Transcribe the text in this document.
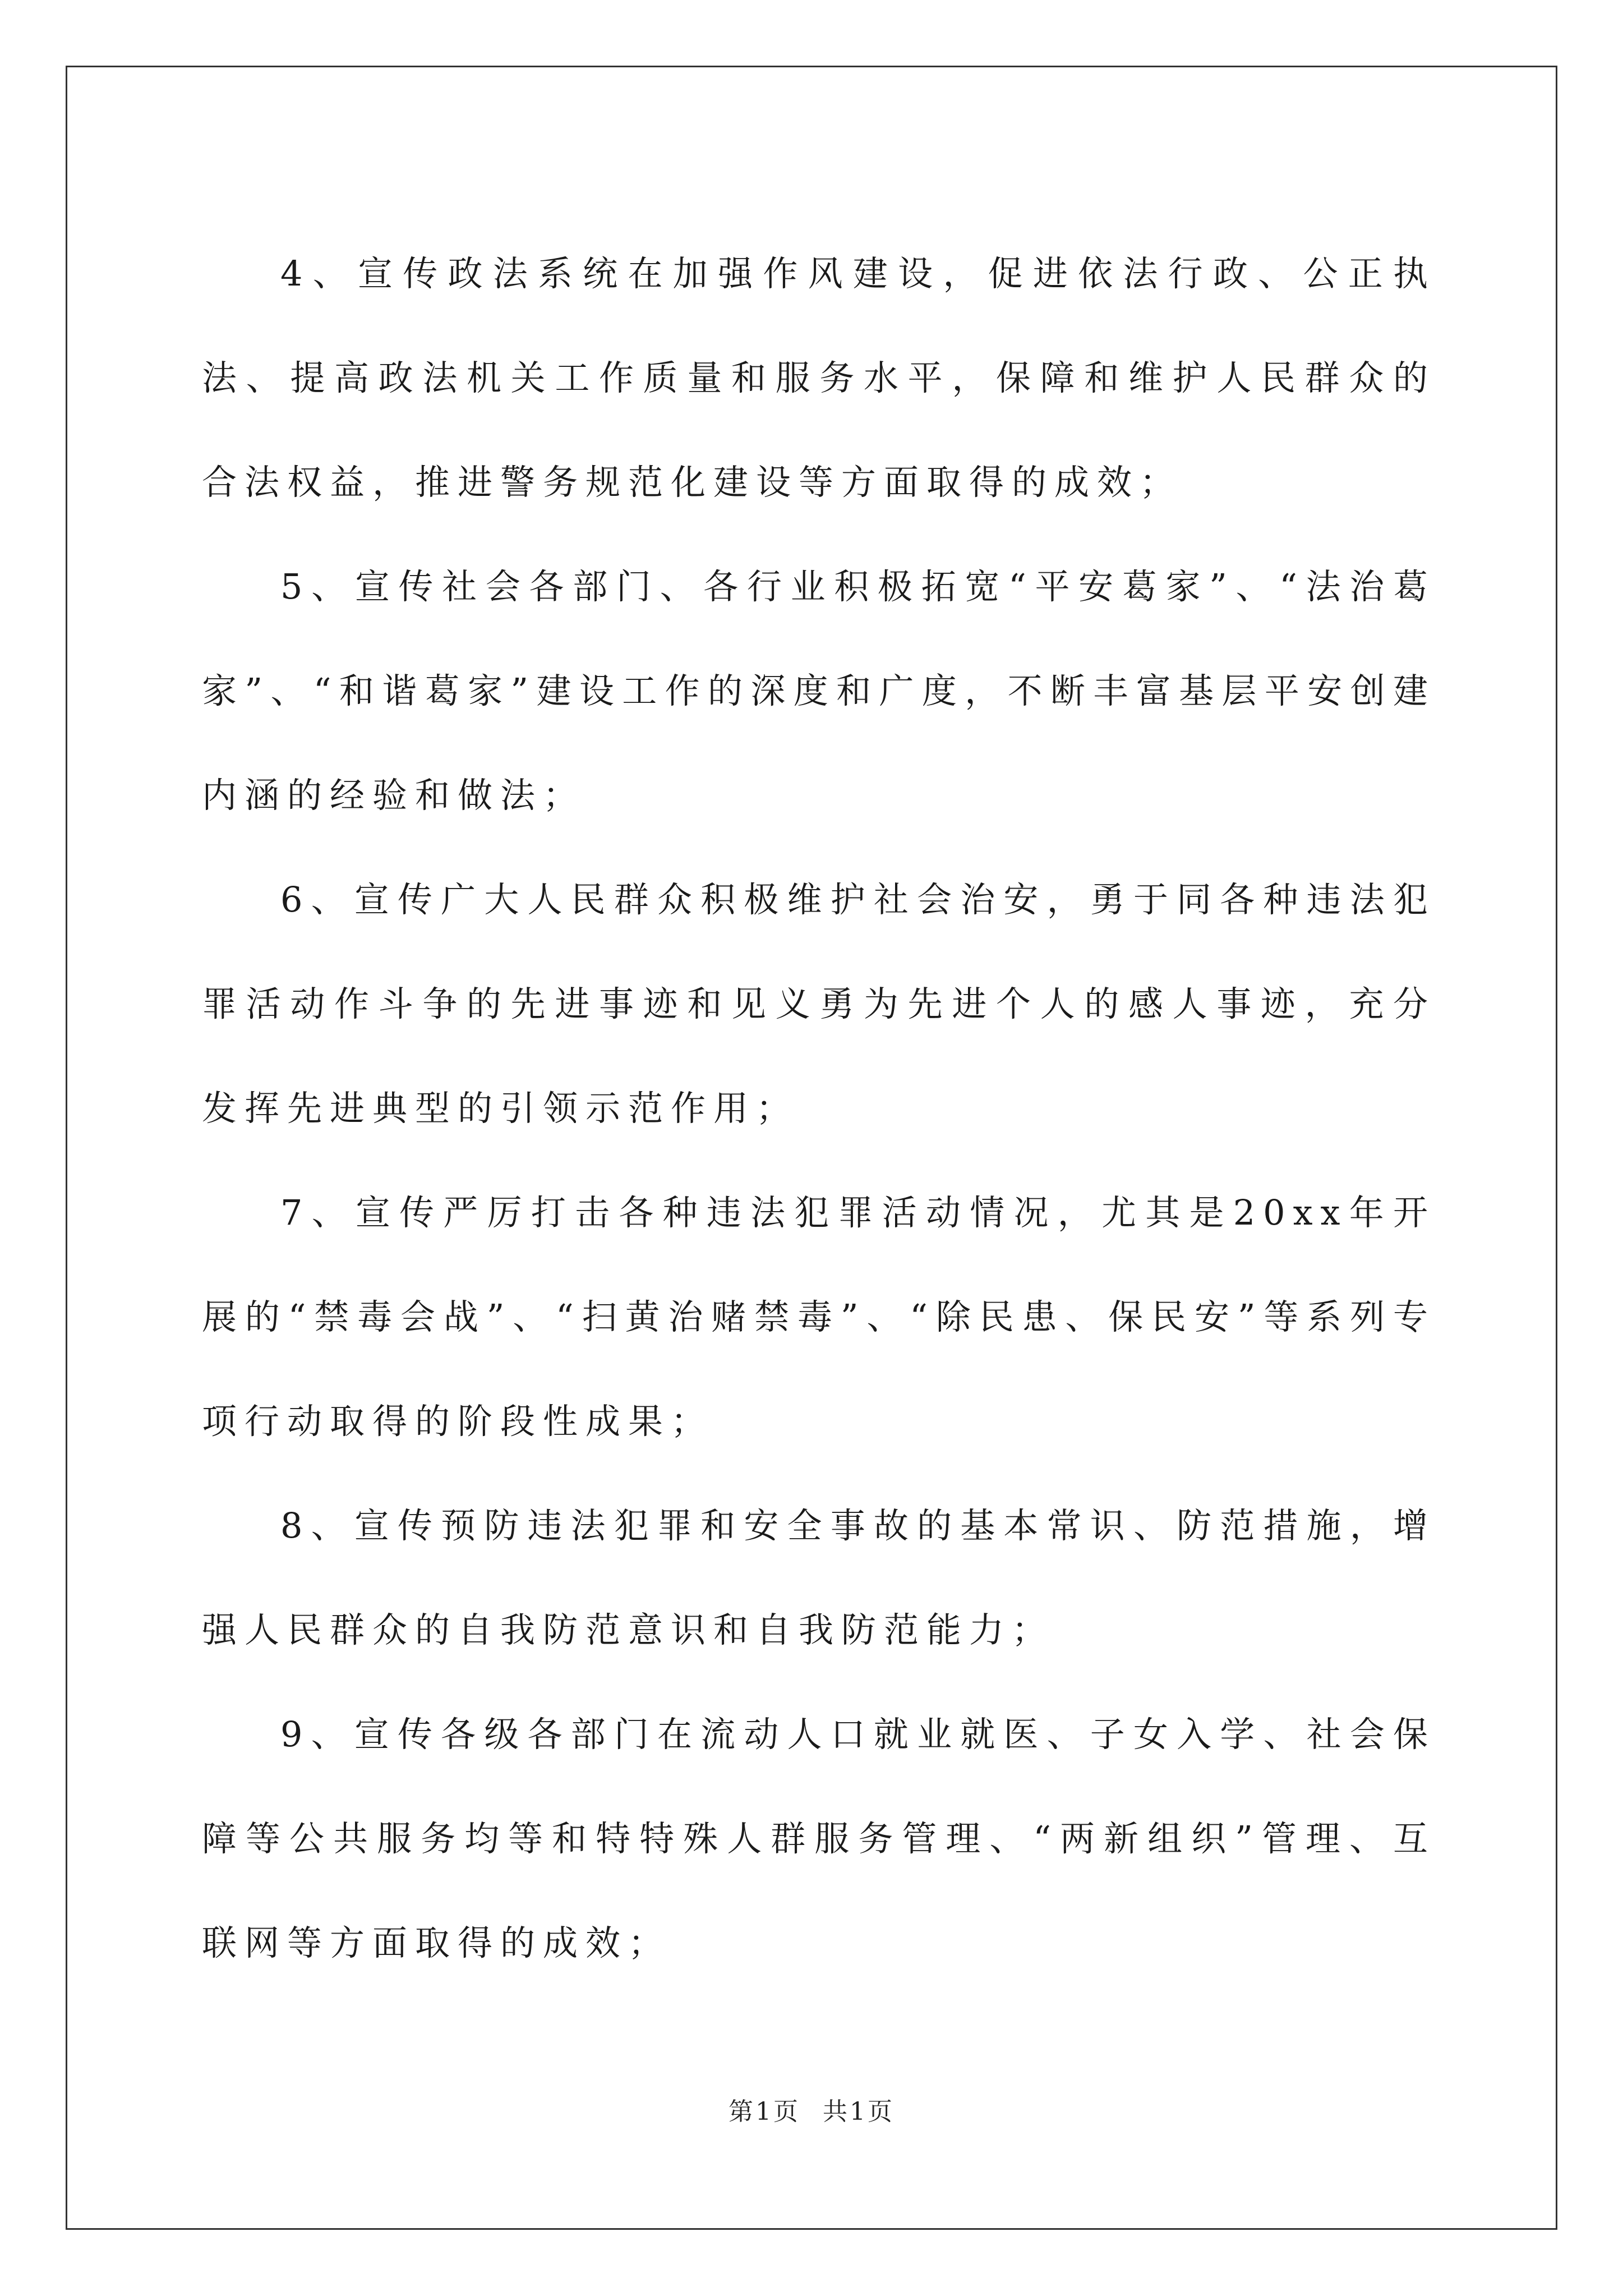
4、宣传政法系统在加强作风建设，促进依法行政、公正执法、提高政法机关工作质量和服务水平，保障和维护人民群众的合法权益，推进警务规范化建设等方面取得的成效；

5、宣传社会各部门、各行业积极拓宽“平安葛家”、“法治葛家”、“和谐葛家”建设工作的深度和广度，不断丰富基层平安创建内涵的经验和做法；

6、宣传广大人民群众积极维护社会治安，勇于同各种违法犯罪活动作斗争的先进事迹和见义勇为先进个人的感人事迹，充分发挥先进典型的引领示范作用；

7、宣传严厉打击各种违法犯罪活动情况，尤其是20xx年开展的“禁毒会战”、“扫黄治赌禁毒”、“除民患、保民安”等系列专项行动取得的阶段性成果；

8、宣传预防违法犯罪和安全事故的基本常识、防范措施，增强人民群众的自我防范意识和自我防范能力；

9、宣传各级各部门在流动人口就业就医、子女入学、社会保障等公共服务均等和特特殊人群服务管理、“两新组织”管理、互联网等方面取得的成效；

第1页 共1页
